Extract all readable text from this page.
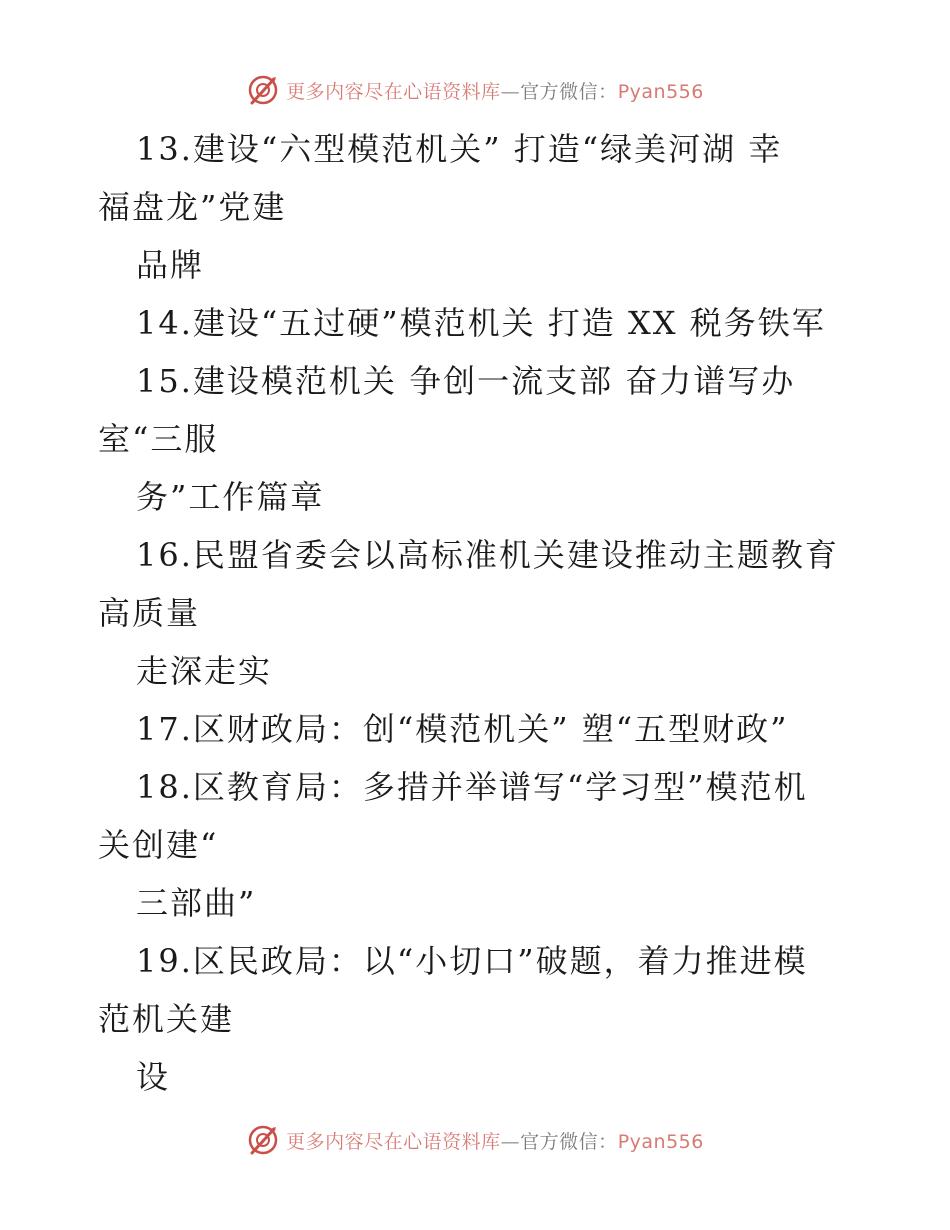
更多内容尽在心语资料库—官方微信：Pyan556
13.建设“六型模范机关” 打造“绿美河湖 幸
福盘龙”党建
品牌
14.建设“五过硬”模范机关 打造 XX 税务铁军
15.建设模范机关 争创一流支部 奋力谱写办
室“三服
务”工作篇章
16.民盟省委会以高标准机关建设推动主题教育
高质量
走深走实
17.区财政局：创“模范机关” 塑“五型财政”
18.区教育局：多措并举谱写“学习型”模范机
关创建“
三部曲”
19.区民政局：以“小切口”破题，着力推进模
范机关建
设
更多内容尽在心语资料库—官方微信：Pyan556
